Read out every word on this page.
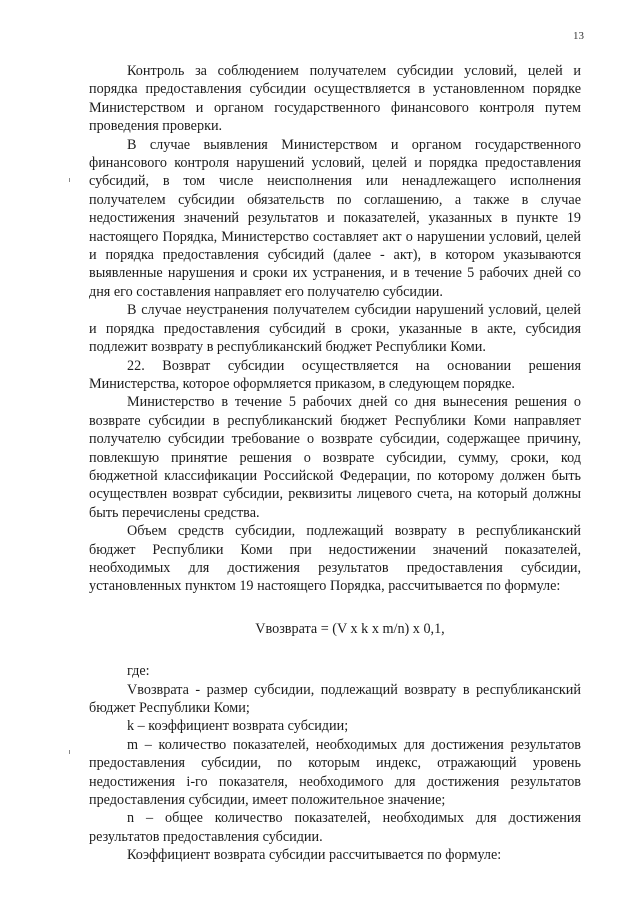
13

Контроль за соблюдением получателем субсидии условий, целей и порядка предоставления субсидии осуществляется в установленном порядке Министерством и органом государственного финансового контроля путем проведения проверки.

В случае выявления Министерством и органом государственного финансового контроля нарушений условий, целей и порядка предоставления субсидий, в том числе неисполнения или ненадлежащего исполнения получателем субсидии обязательств по соглашению, а также в случае недостижения значений результатов и показателей, указанных в пункте 19 настоящего Порядка, Министерство составляет акт о нарушении условий, целей и порядка предоставления субсидий (далее - акт), в котором указываются выявленные нарушения и сроки их устранения, и в течение 5 рабочих дней со дня его составления направляет его получателю субсидии.

В случае неустранения получателем субсидии нарушений условий, целей и порядка предоставления субсидий в сроки, указанные в акте, субсидия подлежит возврату в республиканский бюджет Республики Коми.

22. Возврат субсидии осуществляется на основании решения Министерства, которое оформляется приказом, в следующем порядке.

Министерство в течение 5 рабочих дней со дня вынесения решения о возврате субсидии в республиканский бюджет Республики Коми направляет получателю субсидии требование о возврате субсидии, содержащее причину, повлекшую принятие решения о возврате субсидии, сумму, сроки, код бюджетной классификации Российской Федерации, по которому должен быть осуществлен возврат субсидии, реквизиты лицевого счета, на который должны быть перечислены средства.

Объем средств субсидии, подлежащий возврату в республиканский бюджет Республики Коми при недостижении значений показателей, необходимых для достижения результатов предоставления субсидии, установленных пунктом 19 настоящего Порядка, рассчитывается по формуле:

Vвозврата = (V х k х m/n) х 0,1,

где:

Vвозврата - размер субсидии, подлежащий возврату в республиканский бюджет Республики Коми;

k – коэффициент возврата субсидии;

m – количество показателей, необходимых для достижения результатов предоставления субсидии, по которым индекс, отражающий уровень недостижения i-го показателя, необходимого для достижения результатов предоставления субсидии, имеет положительное значение;

n – общее количество показателей, необходимых для достижения результатов предоставления субсидии.

Коэффициент возврата субсидии рассчитывается по формуле:
